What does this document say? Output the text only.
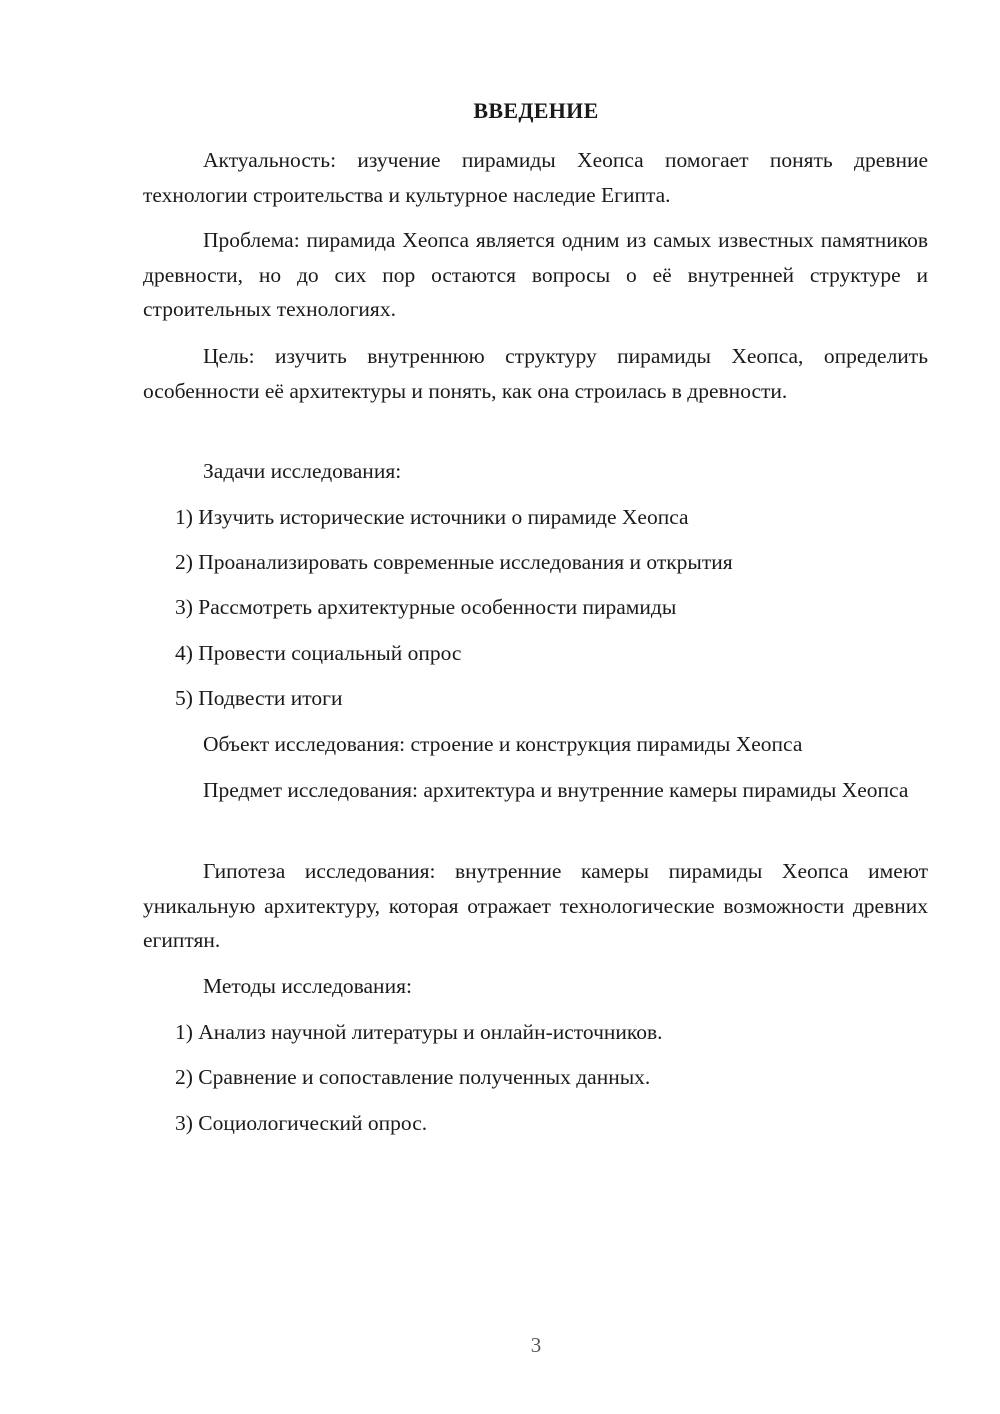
ВВЕДЕНИЕ

Актуальность: изучение пирамиды Хеопса помогает понять древние технологии строительства и культурное наследие Египта.

Проблема: пирамида Хеопса является одним из самых известных памятников древности, но до сих пор остаются вопросы о её внутренней структуре и строительных технологиях.

Цель: изучить внутреннюю структуру пирамиды Хеопса, определить особенности её архитектуры и понять, как она строилась в древности.

Задачи исследования:
1) Изучить исторические источники о пирамиде Хеопса
2) Проанализировать современные исследования и открытия
3) Рассмотреть архитектурные особенности пирамиды
4) Провести социальный опрос
5) Подвести итоги
Объект исследования: строение и конструкция пирамиды Хеопса

Предмет исследования: архитектура и внутренние камеры пирамиды Хеопса

Гипотеза исследования: внутренние камеры пирамиды Хеопса имеют уникальную архитектуру, которая отражает технологические возможности древних египтян.

Методы исследования:
1) Анализ научной литературы и онлайн-источников.
2) Сравнение и сопоставление полученных данных.
3) Социологический опрос.
3
